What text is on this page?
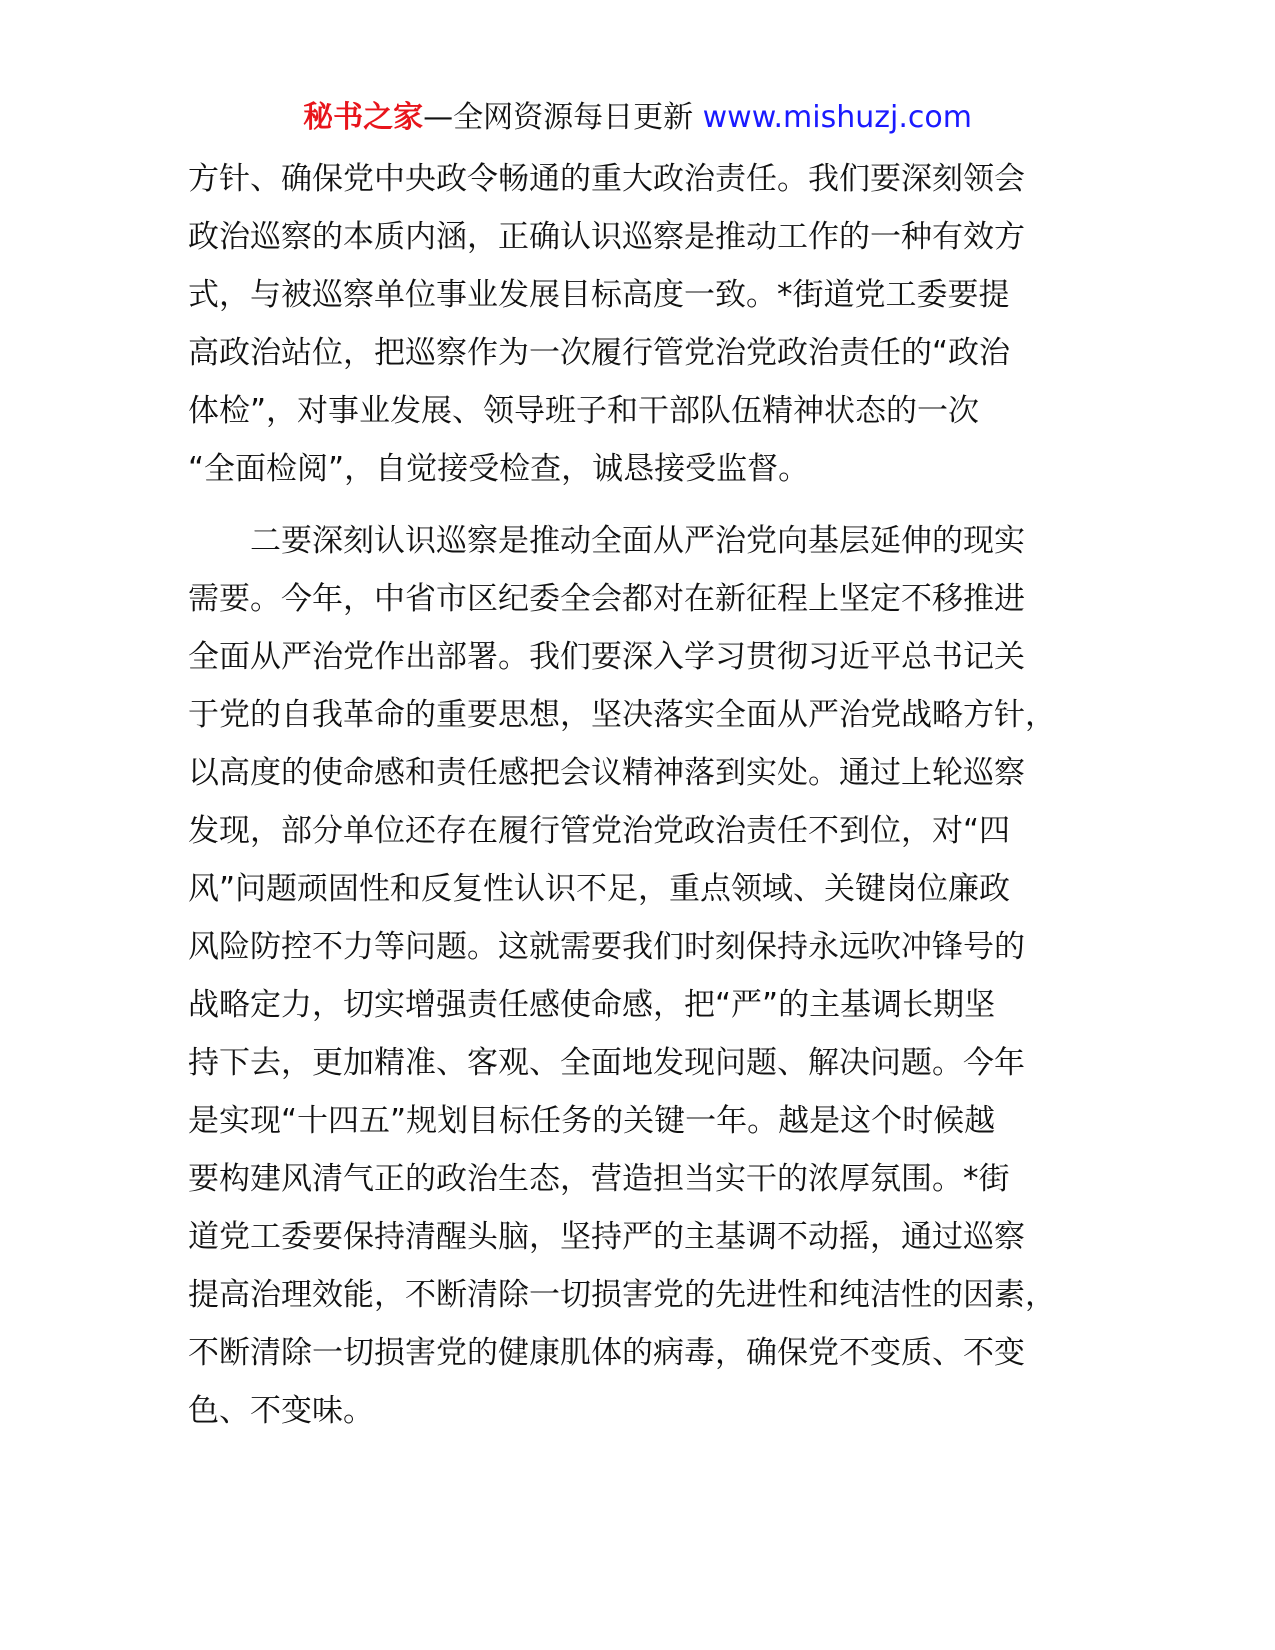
秘书之家—全网资源每日更新 www.mishuzj.com
方针、确保党中央政令畅通的重大政治责任。我们要深刻领会
政治巡察的本质内涵，正确认识巡察是推动工作的一种有效方
式，与被巡察单位事业发展目标高度一致。*街道党工委要提
高政治站位，把巡察作为一次履行管党治党政治责任的“政治
体检”，对事业发展、领导班子和干部队伍精神状态的一次
“全面检阅”，自觉接受检查，诚恳接受监督。
二要深刻认识巡察是推动全面从严治党向基层延伸的现实
需要。今年，中省市区纪委全会都对在新征程上坚定不移推进
全面从严治党作出部署。我们要深入学习贯彻习近平总书记关
于党的自我革命的重要思想，坚决落实全面从严治党战略方针，
以高度的使命感和责任感把会议精神落到实处。通过上轮巡察
发现，部分单位还存在履行管党治党政治责任不到位，对“四
风”问题顽固性和反复性认识不足，重点领域、关键岗位廉政
风险防控不力等问题。这就需要我们时刻保持永远吹冲锋号的
战略定力，切实增强责任感使命感，把“严”的主基调长期坚
持下去，更加精准、客观、全面地发现问题、解决问题。今年
是实现“十四五”规划目标任务的关键一年。越是这个时候越
要构建风清气正的政治生态，营造担当实干的浓厚氛围。*街
道党工委要保持清醒头脑，坚持严的主基调不动摇，通过巡察
提高治理效能，不断清除一切损害党的先进性和纯洁性的因素，
不断清除一切损害党的健康肌体的病毒，确保党不变质、不变
色、不变味。
